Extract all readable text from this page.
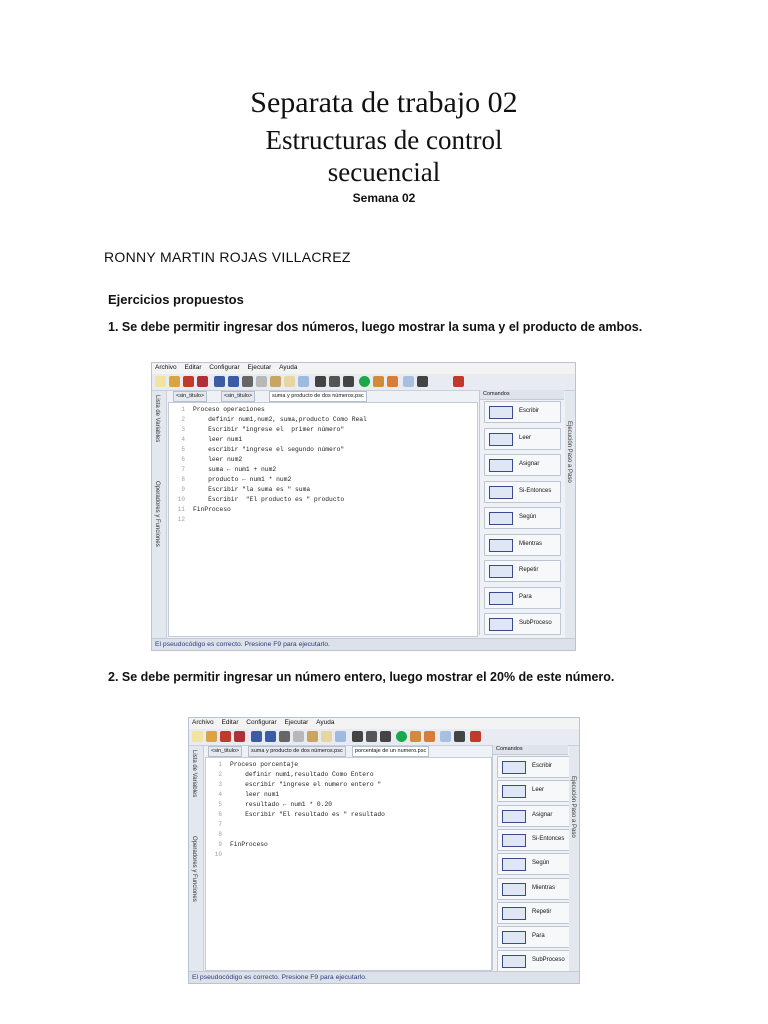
Separata de trabajo 02
Estructuras de control
secuencial
Semana 02
RONNY MARTIN ROJAS VILLACREZ
Ejercicios propuestos
1. Se debe permitir ingresar dos números, luego mostrar la suma y el producto de ambos.
2. Se debe permitir ingresar un número entero, luego mostrar el 20% de este número.
Archivo Editar Configurar Ejecutar Ayuda
Lista de Variables
Operadores y Funciones
<sin_titulo>	<sin_titulo>	suma y producto de dos números.psc
1 Proceso operaciones
2 definir num1,num2, suma,producto Como Real
3 Escribir "ingrese el  primer número"
4 leer num1
5 escribir "ingrese el segundo número"
6 leer num2
7 suma ← num1 + num2
8 producto ← num1 * num2
9 Escribir "la suma es " suma
10 Escribir  "El producto es " producto
11 FinProceso
12
Comandos
Escribir
Leer
Asignar
Si-Entonces
Según
Mientras
Repetir
Para
SubProceso
Ejecución Paso a Paso
El pseudocódigo es correcto. Presione F9 para ejecutarlo.
Archivo Editar Configurar Ejecutar Ayuda
Lista de Variables
Operadores y Funciones
<sin_titulo>	suma y producto de dos números.psc	porcentaje de un numero.psc
1 Proceso porcentaje
2 definir num1,resultado Como Entero
3 escribir "ingrese el numero entero "
4 leer num1
5 resultado ← num1 * 0.20
6 Escribir "El resultado es " resultado
7
8
9 FinProceso
10
Comandos
Escribir
Leer
Asignar
Si-Entonces
Según
Mientras
Repetir
Para
SubProceso
Ejecución Paso a Paso
El pseudocódigo es correcto. Presione F9 para ejecutarlo.
